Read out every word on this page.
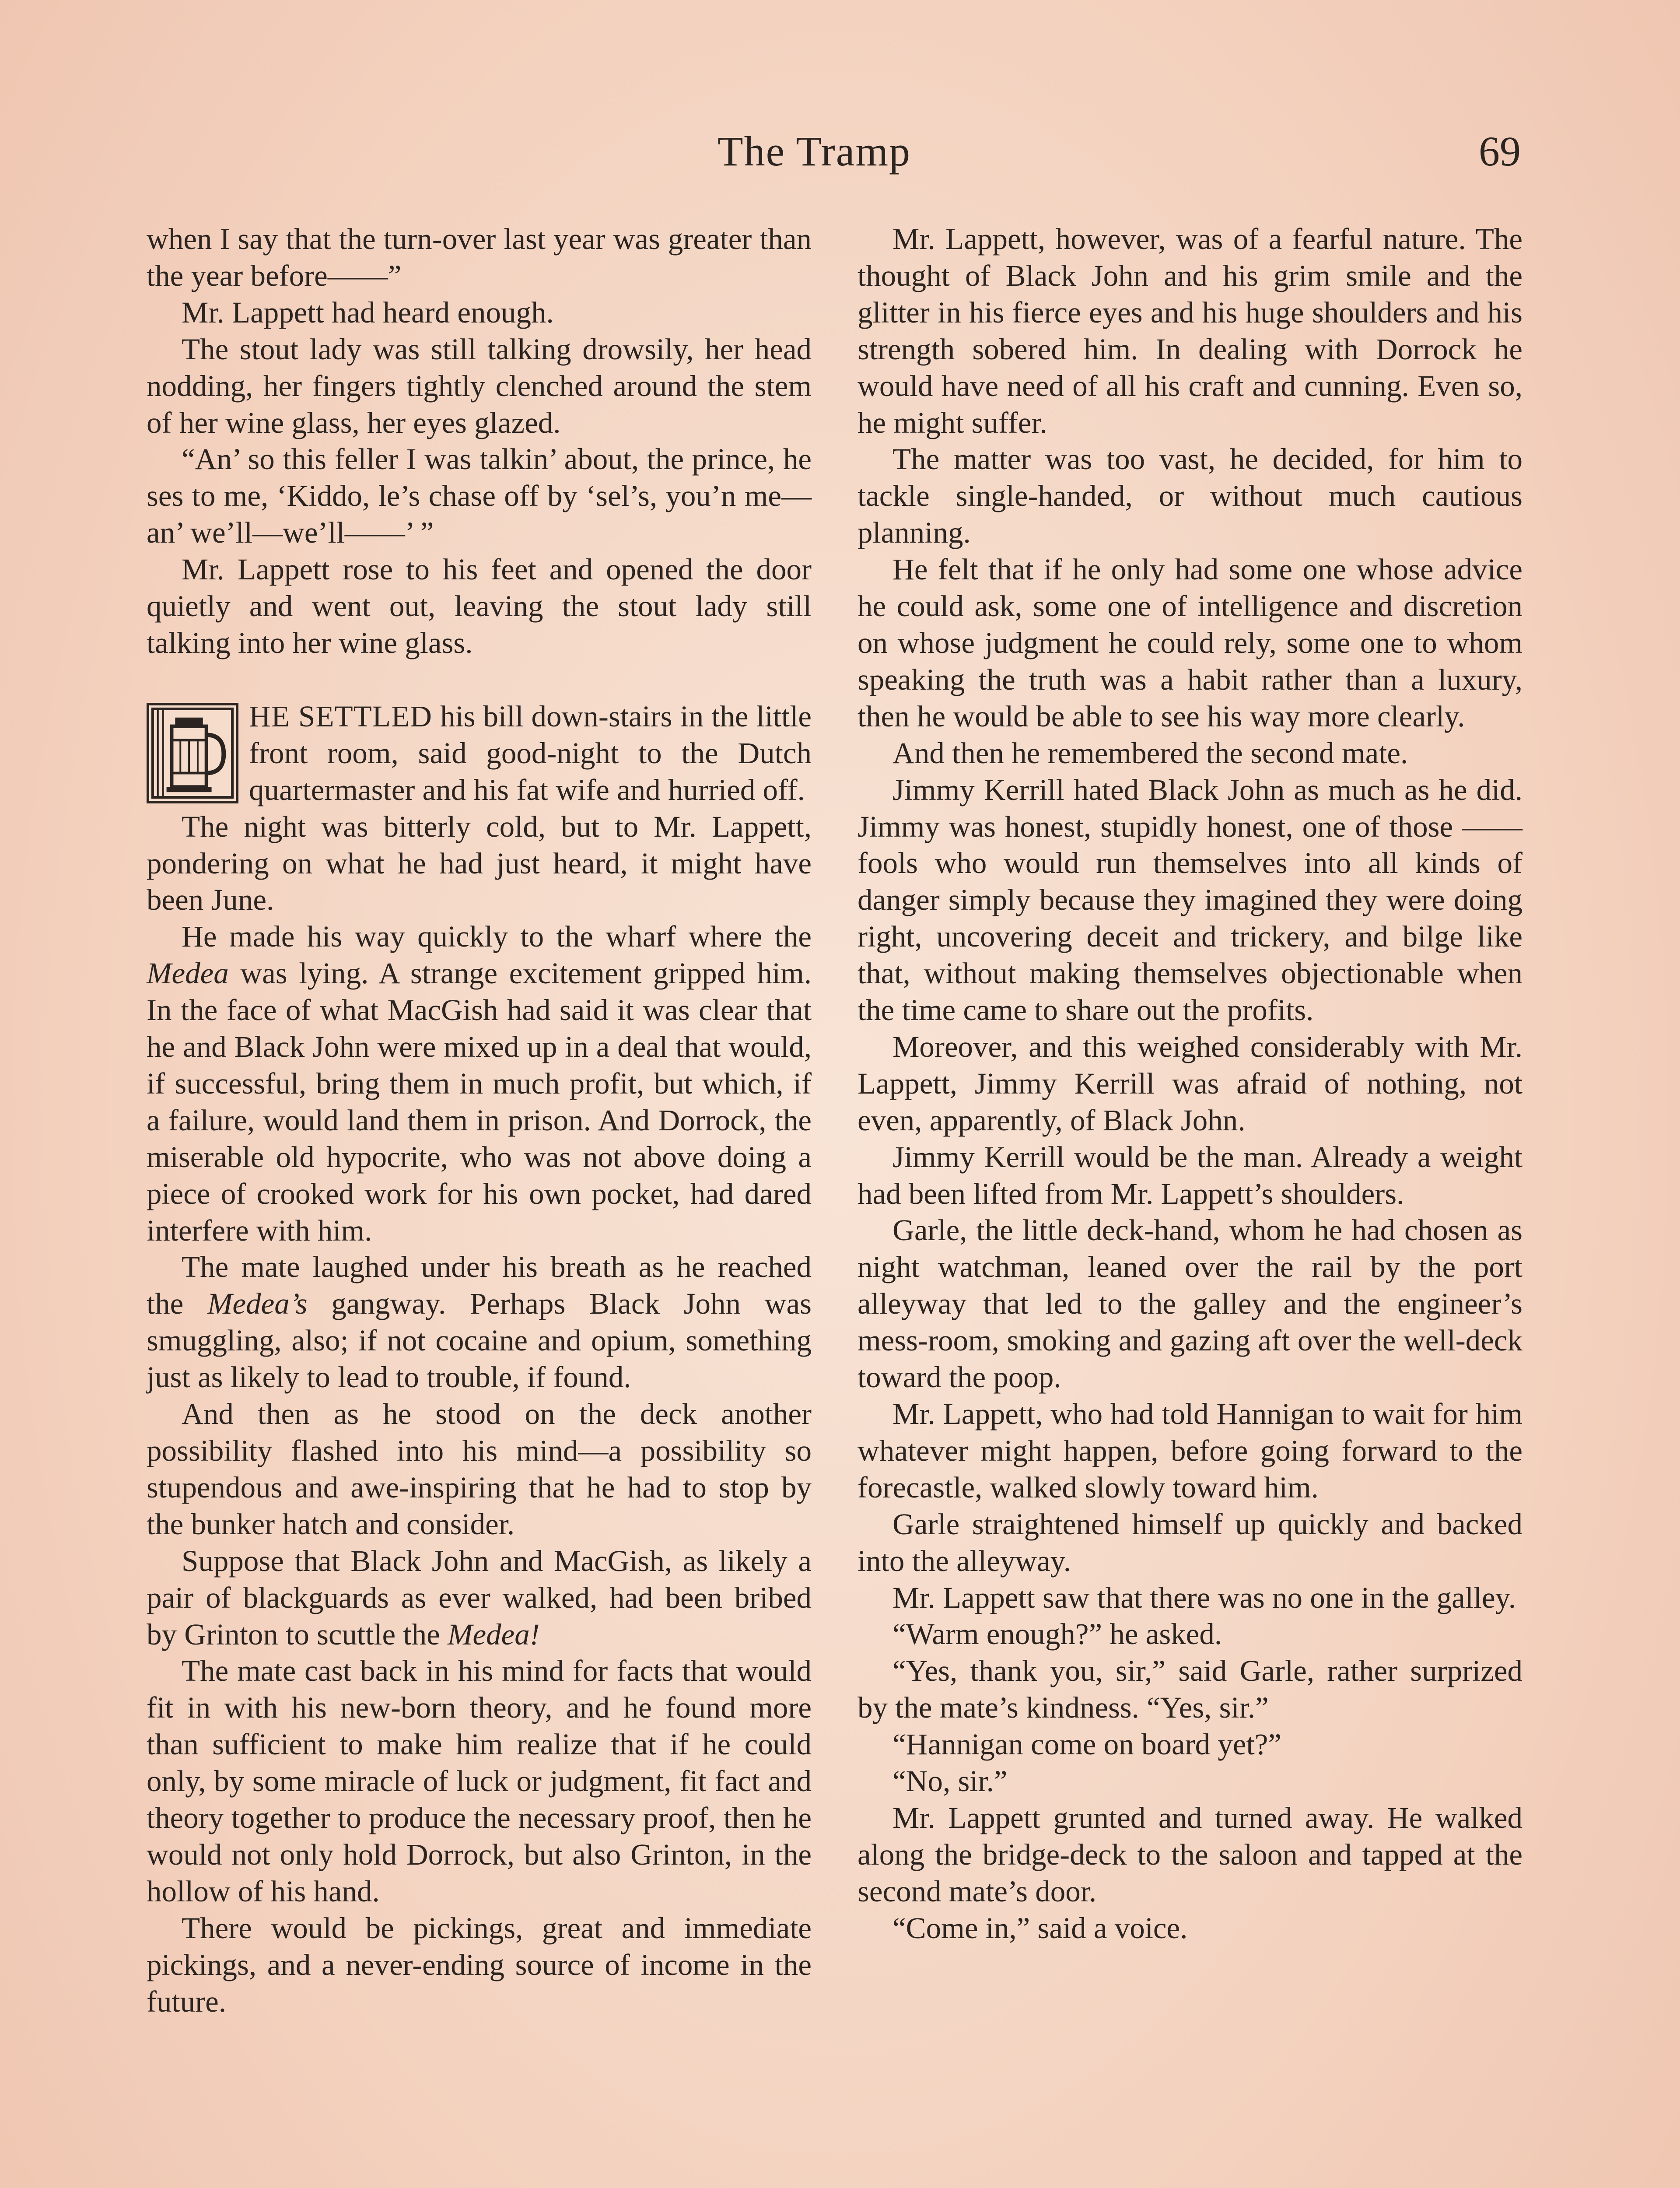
The Tramp	69

when I say that the turn-over last year was greater than the year before——”

Mr. Lappett had heard enough.

The stout lady was still talking drowsily, her head nodding, her fingers tightly clenched around the stem of her wine glass, her eyes glazed.

“An’ so this feller I was talkin’ about, the prince, he ses to me, ‘Kiddo, le’s chase off by ‘sel’s, you’n me—an’ we’ll—we’ll——’ ”

Mr. Lappett rose to his feet and opened the door quietly and went out, leaving the stout lady still talking into her wine glass.

HE SETTLED his bill down-stairs in the little front room, said good-night to the Dutch quartermaster and his fat wife and hurried off.

The night was bitterly cold, but to Mr. Lappett, pondering on what he had just heard, it might have been June.

He made his way quickly to the wharf where the Medea was lying. A strange excitement gripped him. In the face of what MacGish had said it was clear that he and Black John were mixed up in a deal that would, if successful, bring them in much profit, but which, if a failure, would land them in prison. And Dorrock, the miserable old hypocrite, who was not above doing a piece of crooked work for his own pocket, had dared interfere with him.

The mate laughed under his breath as he reached the Medea’s gangway. Perhaps Black John was smuggling, also; if not cocaine and opium, something just as likely to lead to trouble, if found.

And then as he stood on the deck another possibility flashed into his mind—a possibility so stupendous and awe-inspiring that he had to stop by the bunker hatch and consider.

Suppose that Black John and MacGish, as likely a pair of blackguards as ever walked, had been bribed by Grinton to scuttle the Medea!

The mate cast back in his mind for facts that would fit in with his new-born theory, and he found more than sufficient to make him realize that if he could only, by some miracle of luck or judgment, fit fact and theory together to produce the necessary proof, then he would not only hold Dorrock, but also Grinton, in the hollow of his hand.

There would be pickings, great and immediate pickings, and a never-ending source of income in the future.

Mr. Lappett, however, was of a fearful nature. The thought of Black John and his grim smile and the glitter in his fierce eyes and his huge shoulders and his strength sobered him. In dealing with Dorrock he would have need of all his craft and cunning. Even so, he might suffer.

The matter was too vast, he decided, for him to tackle single-handed, or without much cautious planning.

He felt that if he only had some one whose advice he could ask, some one of intelligence and discretion on whose judgment he could rely, some one to whom speaking the truth was a habit rather than a luxury, then he would be able to see his way more clearly.

And then he remembered the second mate.

Jimmy Kerrill hated Black John as much as he did. Jimmy was honest, stupidly honest, one of those —— fools who would run themselves into all kinds of danger simply because they imagined they were doing right, uncovering deceit and trickery, and bilge like that, without making themselves objectionable when the time came to share out the profits.

Moreover, and this weighed considerably with Mr. Lappett, Jimmy Kerrill was afraid of nothing, not even, apparently, of Black John.

Jimmy Kerrill would be the man. Already a weight had been lifted from Mr. Lappett’s shoulders.

Garle, the little deck-hand, whom he had chosen as night watchman, leaned over the rail by the port alleyway that led to the galley and the engineer’s mess-room, smoking and gazing aft over the well-deck toward the poop.

Mr. Lappett, who had told Hannigan to wait for him whatever might happen, before going forward to the forecastle, walked slowly toward him.

Garle straightened himself up quickly and backed into the alleyway.

Mr. Lappett saw that there was no one in the galley.

“Warm enough?” he asked.

“Yes, thank you, sir,” said Garle, rather surprized by the mate’s kindness. “Yes, sir.”

“Hannigan come on board yet?”

“No, sir.”

Mr. Lappett grunted and turned away. He walked along the bridge-deck to the saloon and tapped at the second mate’s door.

“Come in,” said a voice.
